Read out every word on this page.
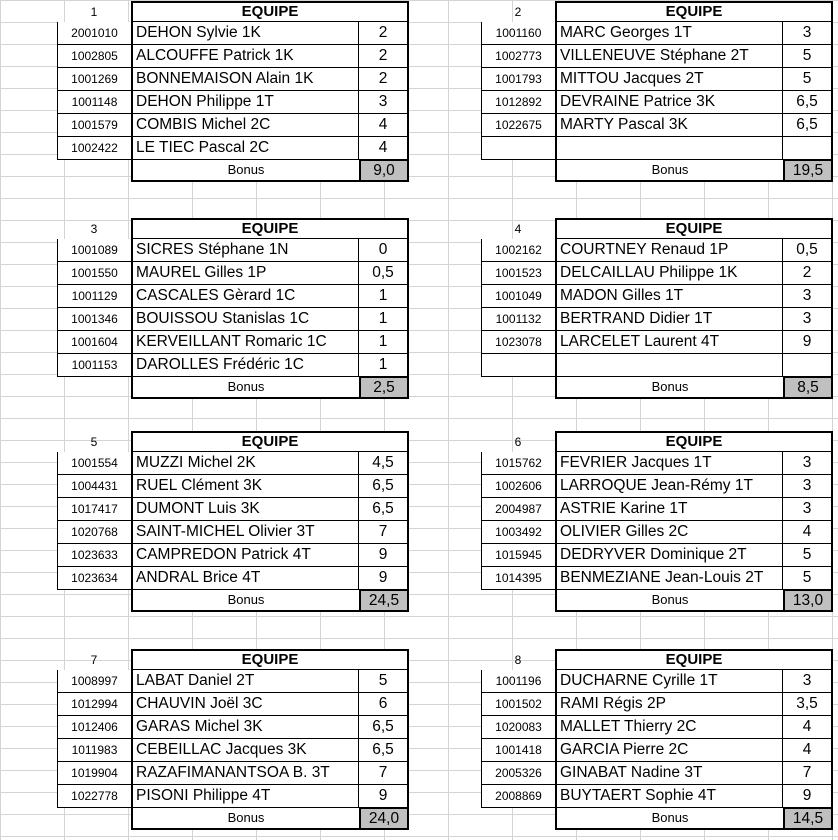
1	EQUIPE
2001010	DEHON Sylvie 1K	2
1002805	ALCOUFFE Patrick 1K	2
1001269	BONNEMAISON Alain 1K	2
1001148	DEHON Philippe 1T	3
1001579	COMBIS Michel 2C	4
1002422	LE TIEC Pascal 2C	4
Bonus	9,0
2	EQUIPE
1001160	MARC Georges 1T	3
1002773	VILLENEUVE Stéphane 2T	5
1001793	MITTOU Jacques 2T	5
1012892	DEVRAINE Patrice 3K	6,5
1022675	MARTY Pascal 3K	6,5
Bonus	19,5
3	EQUIPE
1001089	SICRES Stéphane 1N	0
1001550	MAUREL Gilles 1P	0,5
1001129	CASCALES Gèrard 1C	1
1001346	BOUISSOU Stanislas 1C	1
1001604	KERVEILLANT Romaric 1C	1
1001153	DAROLLES Frédéric 1C	1
Bonus	2,5
4	EQUIPE
1002162	COURTNEY Renaud 1P	0,5
1001523	DELCAILLAU Philippe 1K	2
1001049	MADON Gilles 1T	3
1001132	BERTRAND Didier 1T	3
1023078	LARCELET Laurent 4T	9
Bonus	8,5
5	EQUIPE
1001554	MUZZI Michel 2K	4,5
1004431	RUEL Clément 3K	6,5
1017417	DUMONT Luis 3K	6,5
1020768	SAINT-MICHEL Olivier 3T	7
1023633	CAMPREDON Patrick 4T	9
1023634	ANDRAL Brice 4T	9
Bonus	24,5
6	EQUIPE
1015762	FEVRIER Jacques 1T	3
1002606	LARROQUE Jean-Rémy 1T	3
2004987	ASTRIE Karine 1T	3
1003492	OLIVIER Gilles 2C	4
1015945	DEDRYVER Dominique 2T	5
1014395	BENMEZIANE Jean-Louis 2T	5
Bonus	13,0
7	EQUIPE
1008997	LABAT Daniel 2T	5
1012994	CHAUVIN Joël 3C	6
1012406	GARAS Michel 3K	6,5
1011983	CEBEILLAC Jacques 3K	6,5
1019904	RAZAFIMANANTSOA B. 3T	7
1022778	PISONI Philippe 4T	9
Bonus	24,0
8	EQUIPE
1001196	DUCHARNE Cyrille 1T	3
1001502	RAMI Régis 2P	3,5
1020083	MALLET Thierry 2C	4
1001418	GARCIA Pierre 2C	4
2005326	GINABAT Nadine 3T	7
2008869	BUYTAERT Sophie 4T	9
Bonus	14,5
